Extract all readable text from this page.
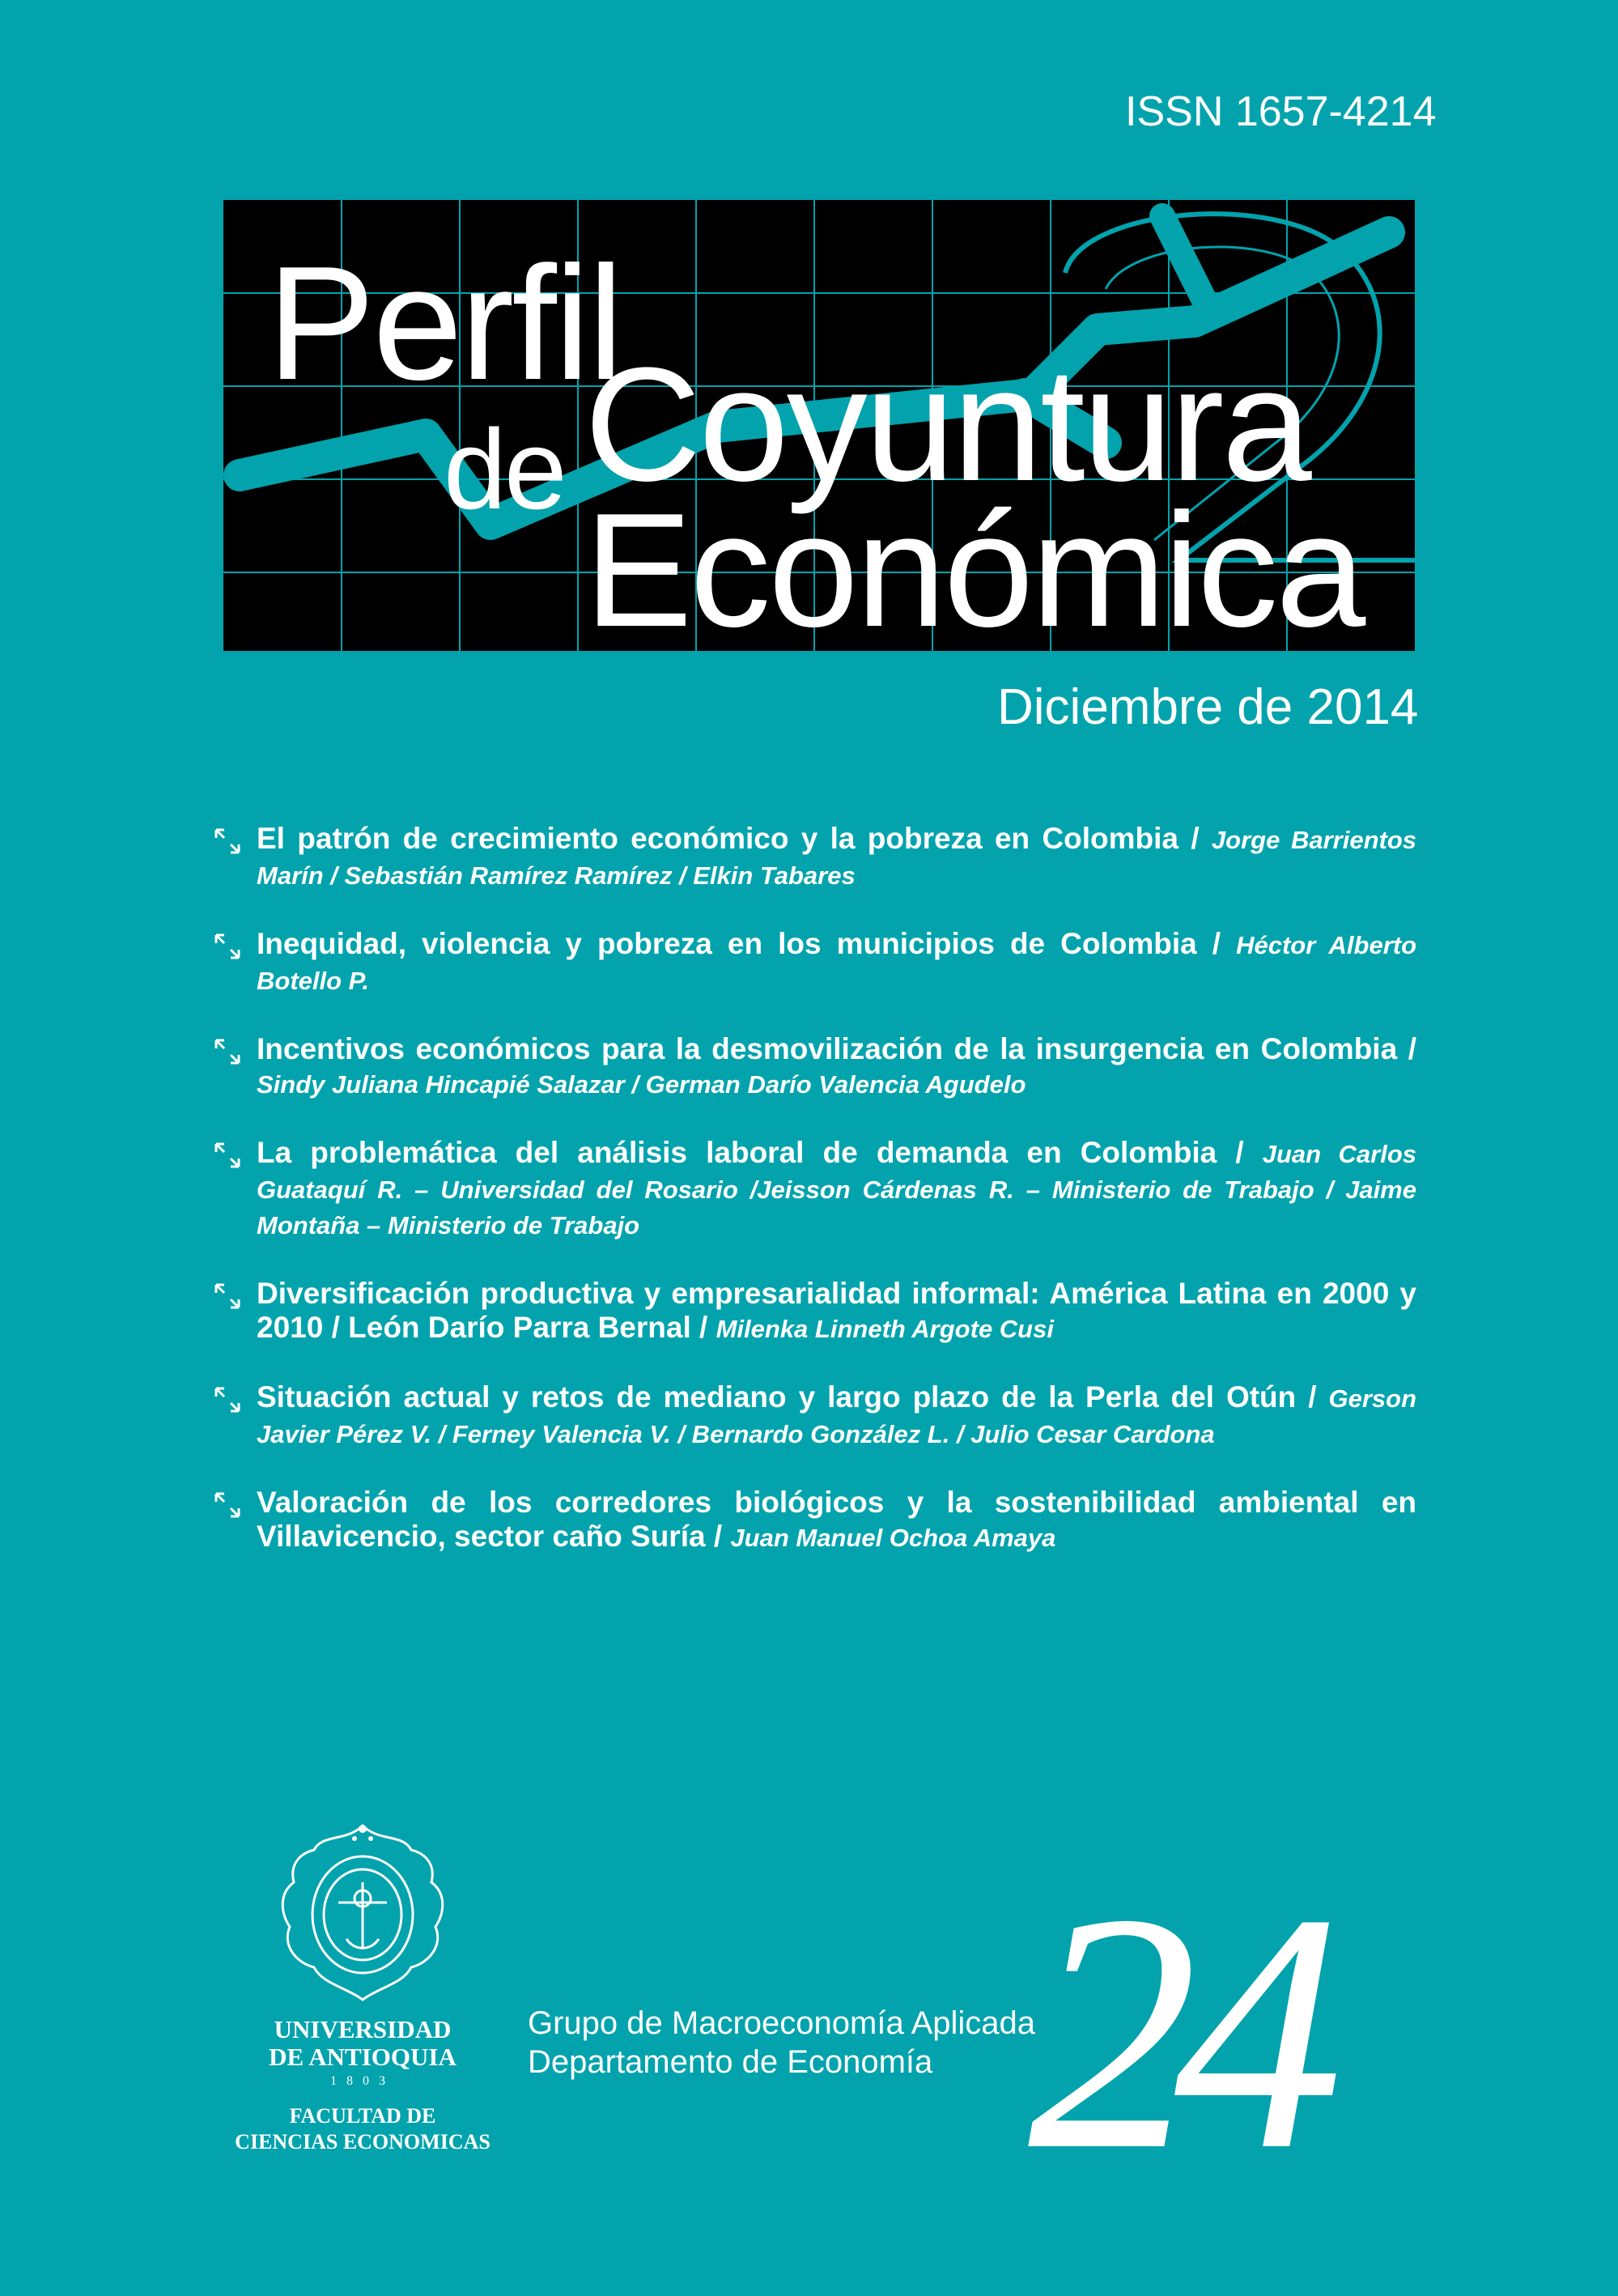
ISSN 1657-4214
Perfil
de Coyuntura
Económica
Diciembre de 2014
El patrón de crecimiento económico y la pobreza en Colombia / Jorge Barrientos Marín / Sebastián Ramírez Ramírez / Elkin Tabares
Inequidad, violencia y pobreza en los municipios de Colombia / Héctor Alberto Botello P.
Incentivos económicos para la desmovilización de la insurgencia en Colombia / Sindy Juliana Hincapié Salazar / German Darío Valencia Agudelo
La problemática del análisis laboral de demanda en Colombia / Juan Carlos Guataquí R. – Universidad del Rosario /Jeisson Cárdenas R. – Ministerio de Trabajo / Jaime Montaña – Ministerio de Trabajo
Diversificación productiva y empresarialidad informal: América Latina en 2000 y 2010 / León Darío Parra Bernal / Milenka Linneth Argote Cusi
Situación actual y retos de mediano y largo plazo de la Perla del Otún / Gerson Javier Pérez V. / Ferney Valencia V. / Bernardo González L. / Julio Cesar Cardona
Valoración de los corredores biológicos y la sostenibilidad ambiental en Villavicencio, sector caño Suría / Juan Manuel Ochoa Amaya
UNIVERSIDAD
DE ANTIOQUIA
1803
FACULTAD DE
CIENCIAS ECONOMICAS
Grupo de Macroeconomía Aplicada
Departamento de Economía 24
